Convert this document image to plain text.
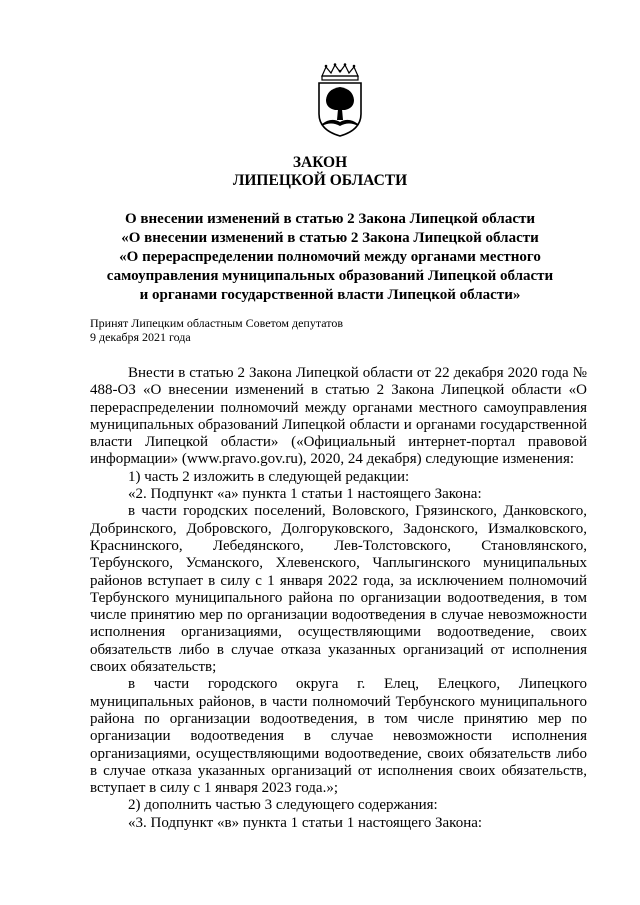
ЗАКОН
ЛИПЕЦКОЙ ОБЛАСТИ
О внесении изменений в статью 2 Закона Липецкой области
«О внесении изменений в статью 2 Закона Липецкой области
«О перераспределении полномочий между органами местного
самоуправления муниципальных образований Липецкой области
и органами государственной власти Липецкой области»
Принят Липецким областным Советом депутатов
9 декабря 2021 года

Внести в статью 2 Закона Липецкой области от 22 декабря 2020 года № 488-ОЗ «О внесении изменений в статью 2 Закона Липецкой области «О перераспределении полномочий между органами местного самоуправления муниципальных образований Липецкой области и органами государственной власти Липецкой области» («Официальный интернет-портал правовой информации» (www.pravo.gov.ru), 2020, 24 декабря) следующие изменения:

1) часть 2 изложить в следующей редакции:

«2. Подпункт «а» пункта 1 статьи 1 настоящего Закона:

в части городских поселений, Воловского, Грязинского, Данковского, Добринского, Добровского, Долгоруковского, Задонского, Измалковского, Краснинского, Лебедянского, Лев-Толстовского, Становлянского, Тербунского, Усманского, Хлевенского, Чаплыгинского муниципальных районов вступает в силу с 1 января 2022 года, за исключением полномочий Тербунского муниципального района по организации водоотведения, в том числе принятию мер по организации водоотведения в случае невозможности исполнения организациями, осуществляющими водоотведение, своих обязательств либо в случае отказа указанных организаций от исполнения своих обязательств;

в части городского округа г. Елец, Елецкого, Липецкого муниципальных районов, в части полномочий Тербунского муниципального района по организации водоотведения, в том числе принятию мер по организации водоотведения в случае невозможности исполнения организациями, осуществляющими водоотведение, своих обязательств либо в случае отказа указанных организаций от исполнения своих обязательств, вступает в силу с 1 января 2023 года.»;

2) дополнить частью 3 следующего содержания:

«3. Подпункт «в» пункта 1 статьи 1 настоящего Закона:
